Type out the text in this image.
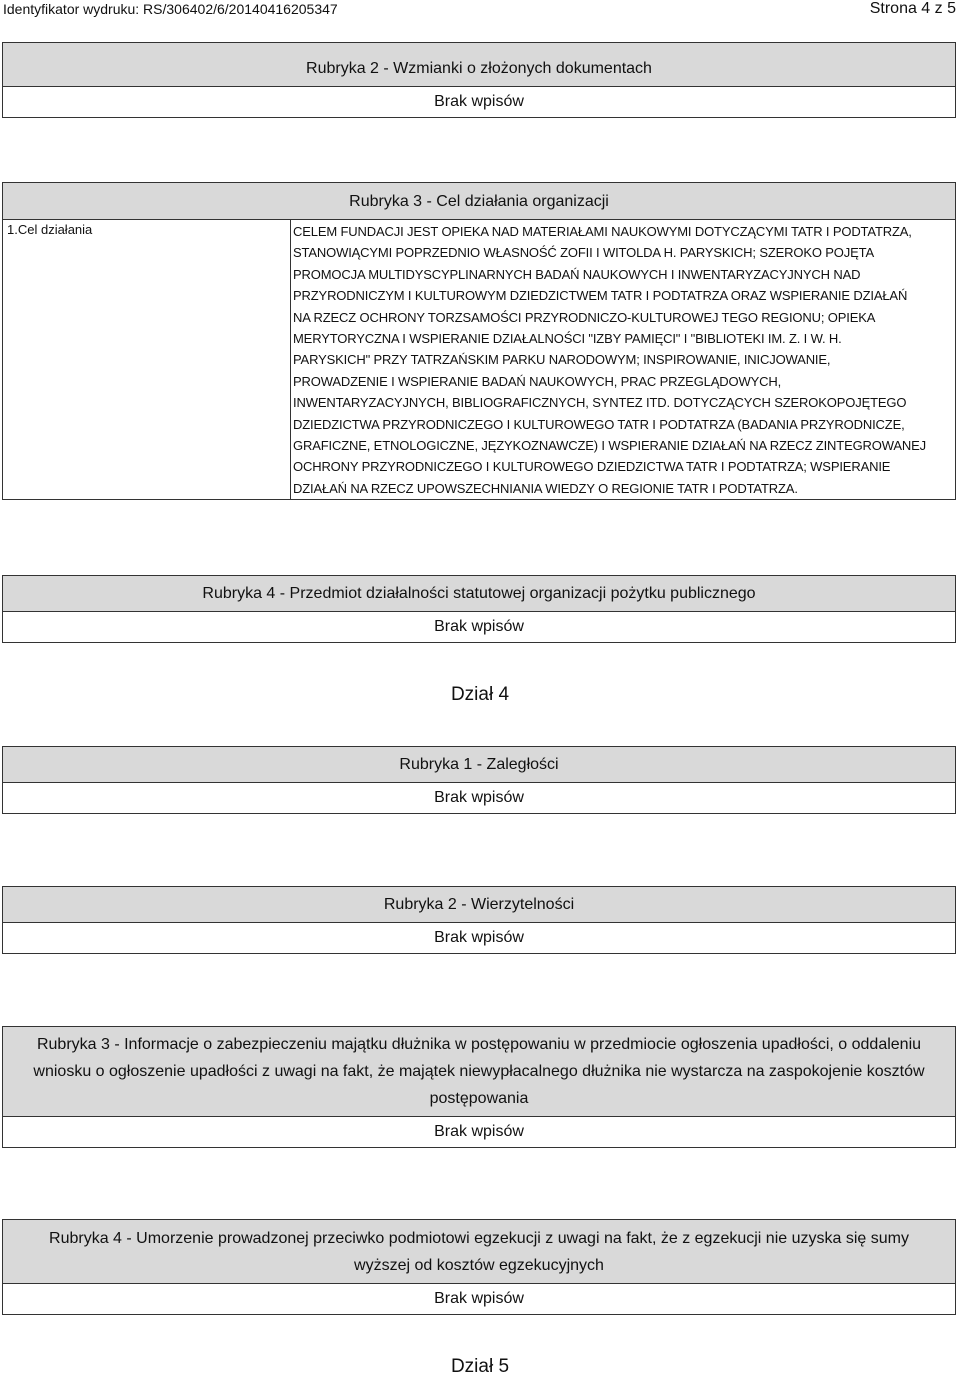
Identyfikator wydruku: RS/306402/6/20140416205347	Strona 4 z 5
Rubryka 2 - Wzmianki o złożonych dokumentach
Brak wpisów
Rubryka 3 - Cel działania organizacji
1.Cel działania	CELEM FUNDACJI JEST OPIEKA NAD MATERIAŁAMI NAUKOWYMI DOTYCZĄCYMI TATR I PODTATRZA,
STANOWIĄCYMI POPRZEDNIO WŁASNOŚĆ ZOFII I WITOLDA H. PARYSKICH; SZEROKO POJĘTA
PROMOCJA MULTIDYSCYPLINARNYCH BADAŃ NAUKOWYCH I INWENTARYZACYJNYCH NAD
PRZYRODNICZYM I KULTUROWYM DZIEDZICTWEM TATR I PODTATRZA ORAZ WSPIERANIE DZIAŁAŃ
NA RZECZ OCHRONY TORZSAMOŚCI PRZYRODNICZO-KULTUROWEJ TEGO REGIONU; OPIEKA
MERYTORYCZNA I WSPIERANIE DZIAŁALNOŚCI "IZBY PAMIĘCI" I "BIBLIOTEKI IM. Z. I W. H.
PARYSKICH" PRZY TATRZAŃSKIM PARKU NARODOWYM; INSPIROWANIE, INICJOWANIE,
PROWADZENIE I WSPIERANIE BADAŃ NAUKOWYCH, PRAC PRZEGLĄDOWYCH,
INWENTARYZACYJNYCH, BIBLIOGRAFICZNYCH, SYNTEZ ITD. DOTYCZĄCYCH SZEROKOPOJĘTEGO
DZIEDZICTWA PRZYRODNICZEGO I KULTUROWEGO TATR I PODTATRZA (BADANIA PRZYRODNICZE,
GRAFICZNE, ETNOLOGICZNE, JĘZYKOZNAWCZE) I WSPIERANIE DZIAŁAŃ NA RZECZ ZINTEGROWANEJ
OCHRONY PRZYRODNICZEGO I KULTUROWEGO DZIEDZICTWA TATR I PODTATRZA; WSPIERANIE
DZIAŁAŃ NA RZECZ UPOWSZECHNIANIA WIEDZY O REGIONIE TATR I PODTATRZA.
Rubryka 4 - Przedmiot działalności statutowej organizacji pożytku publicznego
Brak wpisów
Dział 4
Rubryka 1 - Zaległości
Brak wpisów
Rubryka 2 - Wierzytelności
Brak wpisów
Rubryka 3 - Informacje o zabezpieczeniu majątku dłużnika w postępowaniu w przedmiocie ogłoszenia upadłości, o oddaleniu wniosku o ogłoszenie upadłości z uwagi na fakt, że majątek niewypłacalnego dłużnika nie wystarcza na zaspokojenie kosztów postępowania
Brak wpisów
Rubryka 4 - Umorzenie prowadzonej przeciwko podmiotowi egzekucji z uwagi na fakt, że z egzekucji nie uzyska się sumy wyższej od kosztów egzekucyjnych
Brak wpisów
Dział 5
